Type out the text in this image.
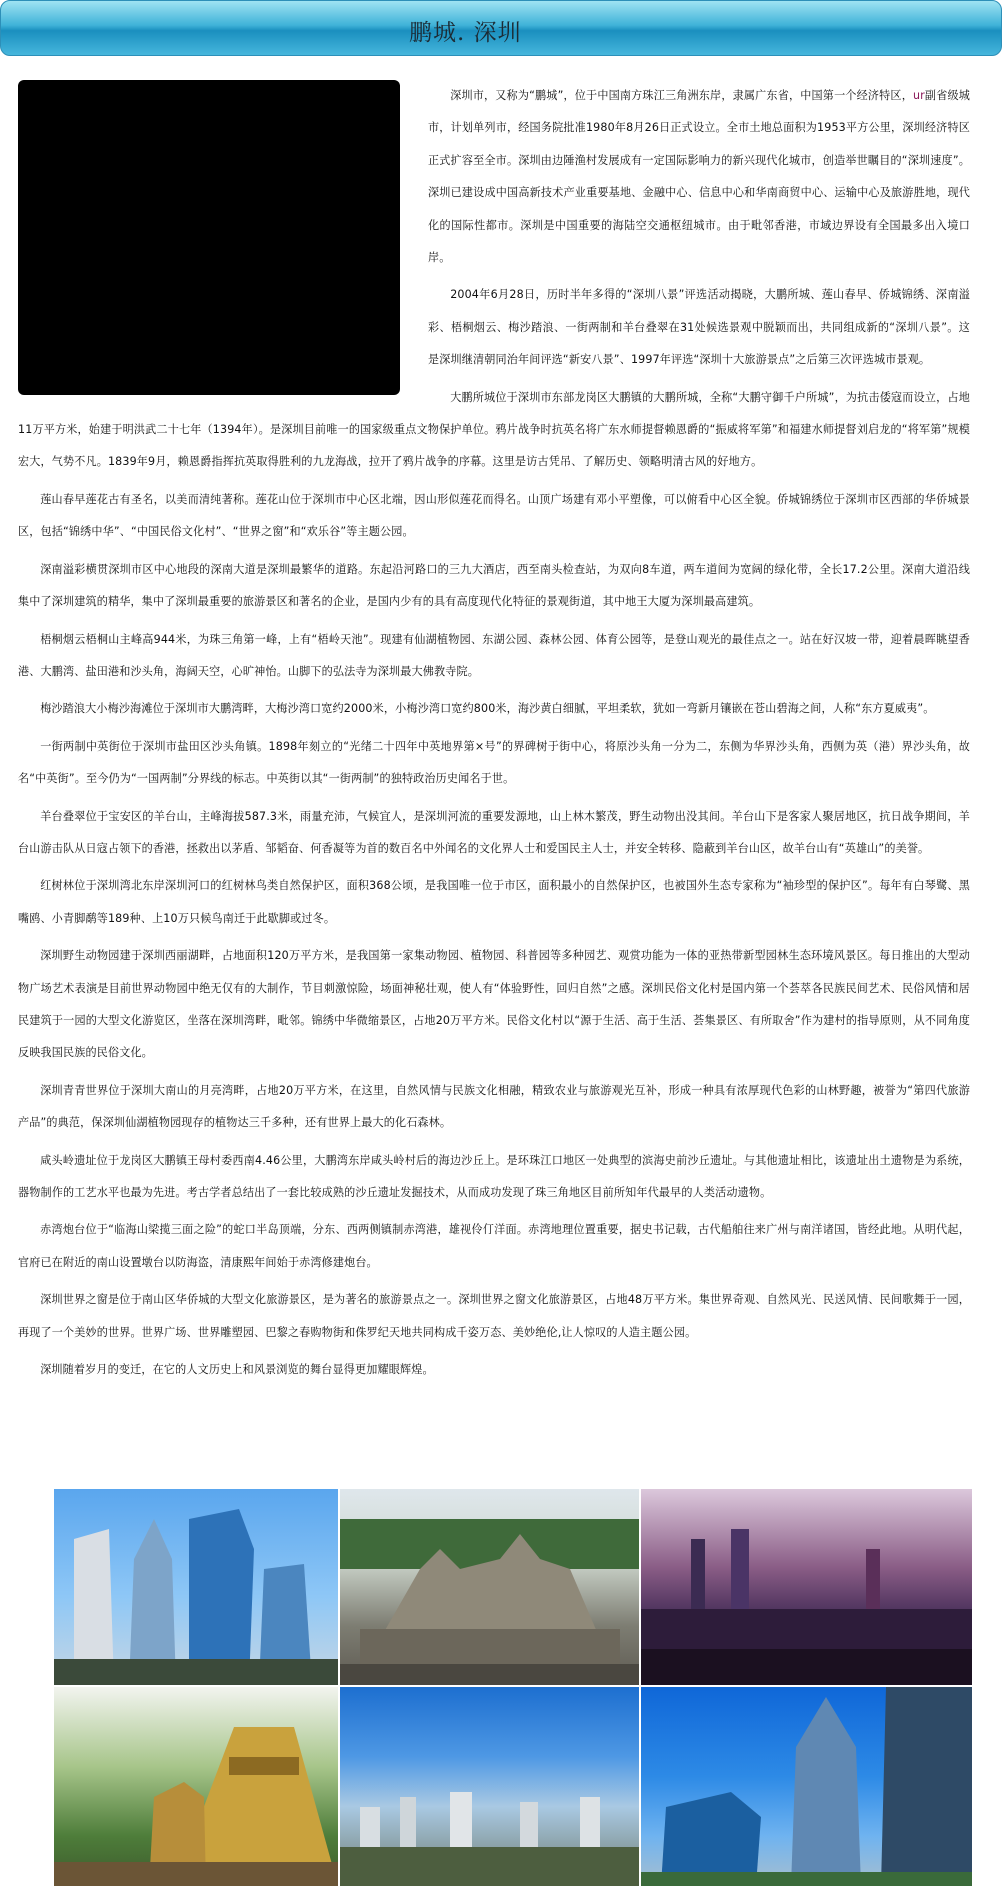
鹏城. 深圳

深圳市，又称为“鹏城”，位于中国南方珠江三角洲东岸，隶属广东省，中国第一个经济特区，ur副省级城市，计划单列市，经国务院批准1980年8月26日正式设立。全市土地总面积为1953平方公里，深圳经济特区正式扩容至全市。深圳由边陲渔村发展成有一定国际影响力的新兴现代化城市，创造举世瞩目的“深圳速度”。深圳已建设成中国高新技术产业重要基地、金融中心、信息中心和华南商贸中心、运输中心及旅游胜地，现代化的国际性都市。深圳是中国重要的海陆空交通枢纽城市。由于毗邻香港，市域边界设有全国最多出入境口岸。

2004年6月28日，历时半年多得的“深圳八景”评选活动揭晓，大鹏所城、莲山春早、侨城锦绣、深南溢彩、梧桐烟云、梅沙踏浪、一街两制和羊台叠翠在31处候选景观中脱颖而出，共同组成新的“深圳八景”。这是深圳继清朝同治年间评选“新安八景”、1997年评选“深圳十大旅游景点”之后第三次评选城市景观。

大鹏所城位于深圳市东部龙岗区大鹏镇的大鹏所城，全称“大鹏守御千户所城”，为抗击倭寇而设立，占地11万平方米，始建于明洪武二十七年（1394年）。是深圳目前唯一的国家级重点文物保护单位。鸦片战争时抗英名将广东水师提督赖恩爵的“振威将军第”和福建水师提督刘启龙的“将军第”规模宏大，气势不凡。1839年9月，赖恩爵指挥抗英取得胜利的九龙海战，拉开了鸦片战争的序幕。这里是访古凭吊、了解历史、领略明清古风的好地方。

莲山春早莲花古有圣名，以美而清纯著称。莲花山位于深圳市中心区北端，因山形似莲花而得名。山顶广场建有邓小平塑像，可以俯看中心区全貌。侨城锦绣位于深圳市区西部的华侨城景区，包括“锦绣中华”、“中国民俗文化村”、“世界之窗”和“欢乐谷”等主题公园。

深南溢彩横贯深圳市区中心地段的深南大道是深圳最繁华的道路。东起沿河路口的三九大酒店，西至南头检查站，为双向8车道，两车道间为宽阔的绿化带，全长17.2公里。深南大道沿线集中了深圳建筑的精华，集中了深圳最重要的旅游景区和著名的企业，是国内少有的具有高度现代化特征的景观街道，其中地王大厦为深圳最高建筑。

梧桐烟云梧桐山主峰高944米，为珠三角第一峰，上有“梧岭天池”。现建有仙湖植物园、东湖公园、森林公园、体育公园等，是登山观光的最佳点之一。站在好汉坡一带，迎着晨晖眺望香港、大鹏湾、盐田港和沙头角，海阔天空，心旷神怡。山脚下的弘法寺为深圳最大佛教寺院。

梅沙踏浪大小梅沙海滩位于深圳市大鹏湾畔，大梅沙湾口宽约2000米，小梅沙湾口宽约800米，海沙黄白细腻，平坦柔软，犹如一弯新月镶嵌在苍山碧海之间，人称“东方夏威夷”。

一街两制中英街位于深圳市盐田区沙头角镇。1898年刻立的“光绪二十四年中英地界第×号”的界碑树于街中心，将原沙头角一分为二，东侧为华界沙头角，西侧为英（港）界沙头角，故名“中英街”。至今仍为“一国两制”分界线的标志。中英街以其“一街两制”的独特政治历史闻名于世。

羊台叠翠位于宝安区的羊台山，主峰海拔587.3米，雨量充沛，气候宜人，是深圳河流的重要发源地，山上林木繁茂，野生动物出没其间。羊台山下是客家人聚居地区，抗日战争期间，羊台山游击队从日寇占领下的香港，拯救出以茅盾、邹韬奋、何香凝等为首的数百名中外闻名的文化界人士和爱国民主人士，并安全转移、隐蔽到羊台山区，故羊台山有“英雄山”的美誉。

红树林位于深圳湾北东岸深圳河口的红树林鸟类自然保护区，面积368公顷，是我国唯一位于市区，面积最小的自然保护区，也被国外生态专家称为“袖珍型的保护区”。每年有白琴鹭、黑嘴鸥、小青脚鹬等189种、上10万只候鸟南迁于此歇脚或过冬。

深圳野生动物园建于深圳西丽湖畔，占地面积120万平方米，是我国第一家集动物园、植物园、科普园等多种园艺、观赏功能为一体的亚热带新型园林生态环境风景区。每日推出的大型动物广场艺术表演是目前世界动物园中绝无仅有的大制作，节目刺激惊险，场面神秘壮观，使人有“体验野性，回归自然”之感。深圳民俗文化村是国内第一个荟萃各民族民间艺术、民俗风情和居民建筑于一园的大型文化游览区，坐落在深圳湾畔，毗邻。锦绣中华微缩景区，占地20万平方米。民俗文化村以“源于生活、高于生活、荟集景区、有所取舍”作为建村的指导原则，从不同角度反映我国民族的民俗文化。

深圳青青世界位于深圳大南山的月亮湾畔，占地20万平方米，在这里，自然风情与民族文化相融，精致农业与旅游观光互补，形成一种具有浓厚现代色彩的山林野趣，被誉为“第四代旅游产品”的典范，保深圳仙湖植物园现存的植物达三千多种，还有世界上最大的化石森林。

咸头岭遗址位于龙岗区大鹏镇王母村委西南4.46公里，大鹏湾东岸咸头岭村后的海边沙丘上。是环珠江口地区一处典型的滨海史前沙丘遗址。与其他遗址相比，该遗址出土遗物是为系统，器物制作的工艺水平也最为先进。考古学者总结出了一套比较成熟的沙丘遗址发掘技术，从而成功发现了珠三角地区目前所知年代最早的人类活动遗物。

赤湾炮台位于“临海山梁揽三面之险”的蛇口半岛顶端，分东、西两侧镇制赤湾港，雄视伶仃洋面。赤湾地理位置重要，据史书记载，古代船舶往来广州与南洋诸国，皆经此地。从明代起，官府已在附近的南山设置墩台以防海盗，清康熙年间始于赤湾修建炮台。

深圳世界之窗是位于南山区华侨城的大型文化旅游景区，是为著名的旅游景点之一。深圳世界之窗文化旅游景区，占地48万平方米。集世界奇观、自然风光、民送风情、民间歌舞于一园，再现了一个美妙的世界。世界广场、世界雕塑园、巴黎之春购物街和侏罗纪天地共同构成千姿万态、美妙绝伦,让人惊叹的人造主题公园。

深圳随着岁月的变迁，在它的人文历史上和风景浏览的舞台显得更加耀眼辉煌。
